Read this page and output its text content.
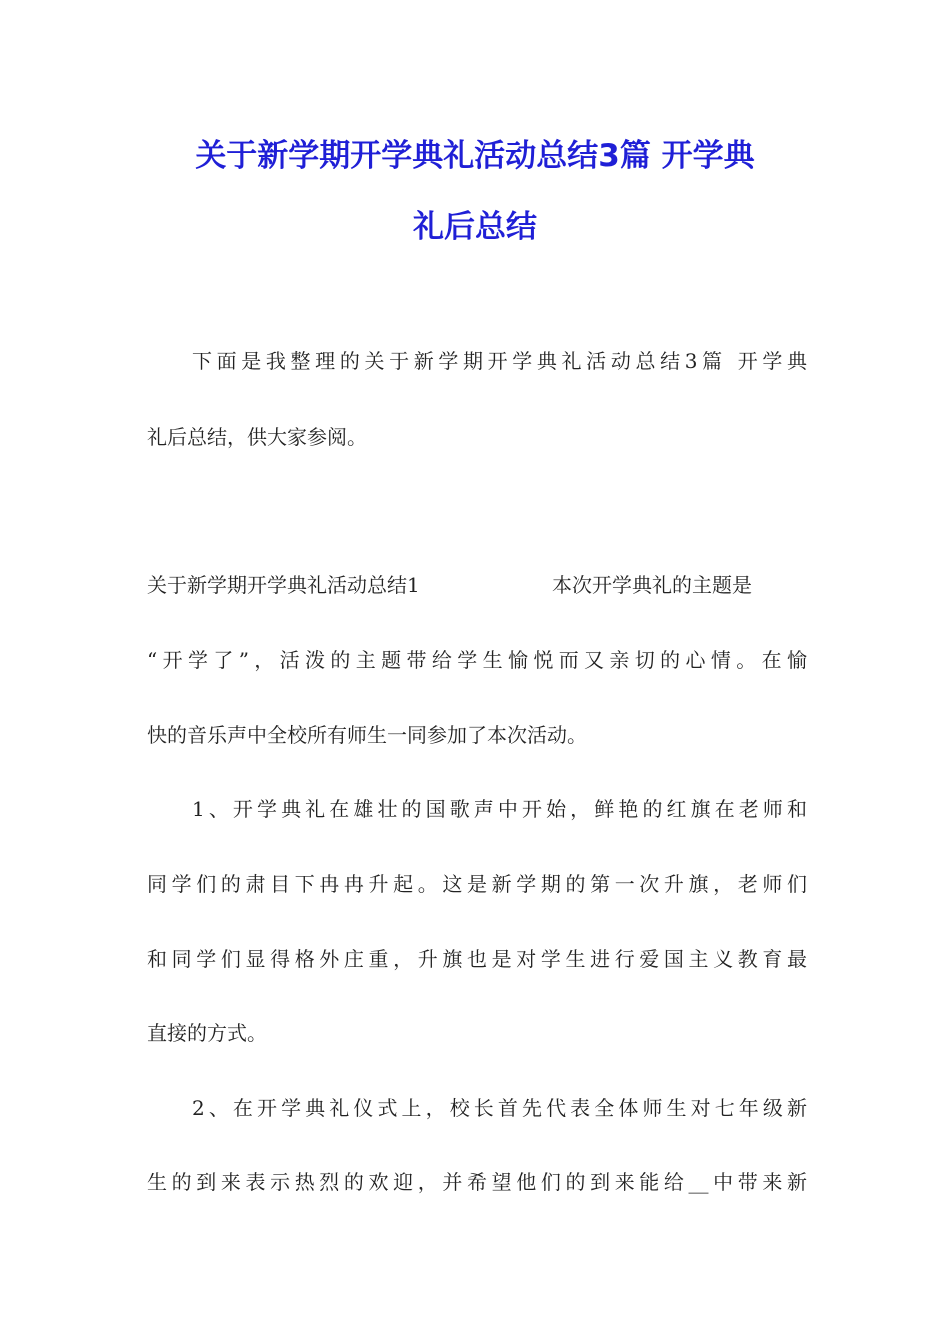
关于新学期开学典礼活动总结3篇 开学典
礼后总结

下面是我整理的关于新学期开学典礼活动总结3篇 开学典

礼后总结，供大家参阅。

关于新学期开学典礼活动总结1	本次开学典礼的主题是

“开学了”，活泼的主题带给学生愉悦而又亲切的心情。在愉

快的音乐声中全校所有师生一同参加了本次活动。

1、开学典礼在雄壮的国歌声中开始，鲜艳的红旗在老师和

同学们的肃目下冉冉升起。这是新学期的第一次升旗，老师们

和同学们显得格外庄重，升旗也是对学生进行爱国主义教育最

直接的方式。

2、在开学典礼仪式上，校长首先代表全体师生对七年级新

生的到来表示热烈的欢迎，并希望他们的到来能给__中带来新
